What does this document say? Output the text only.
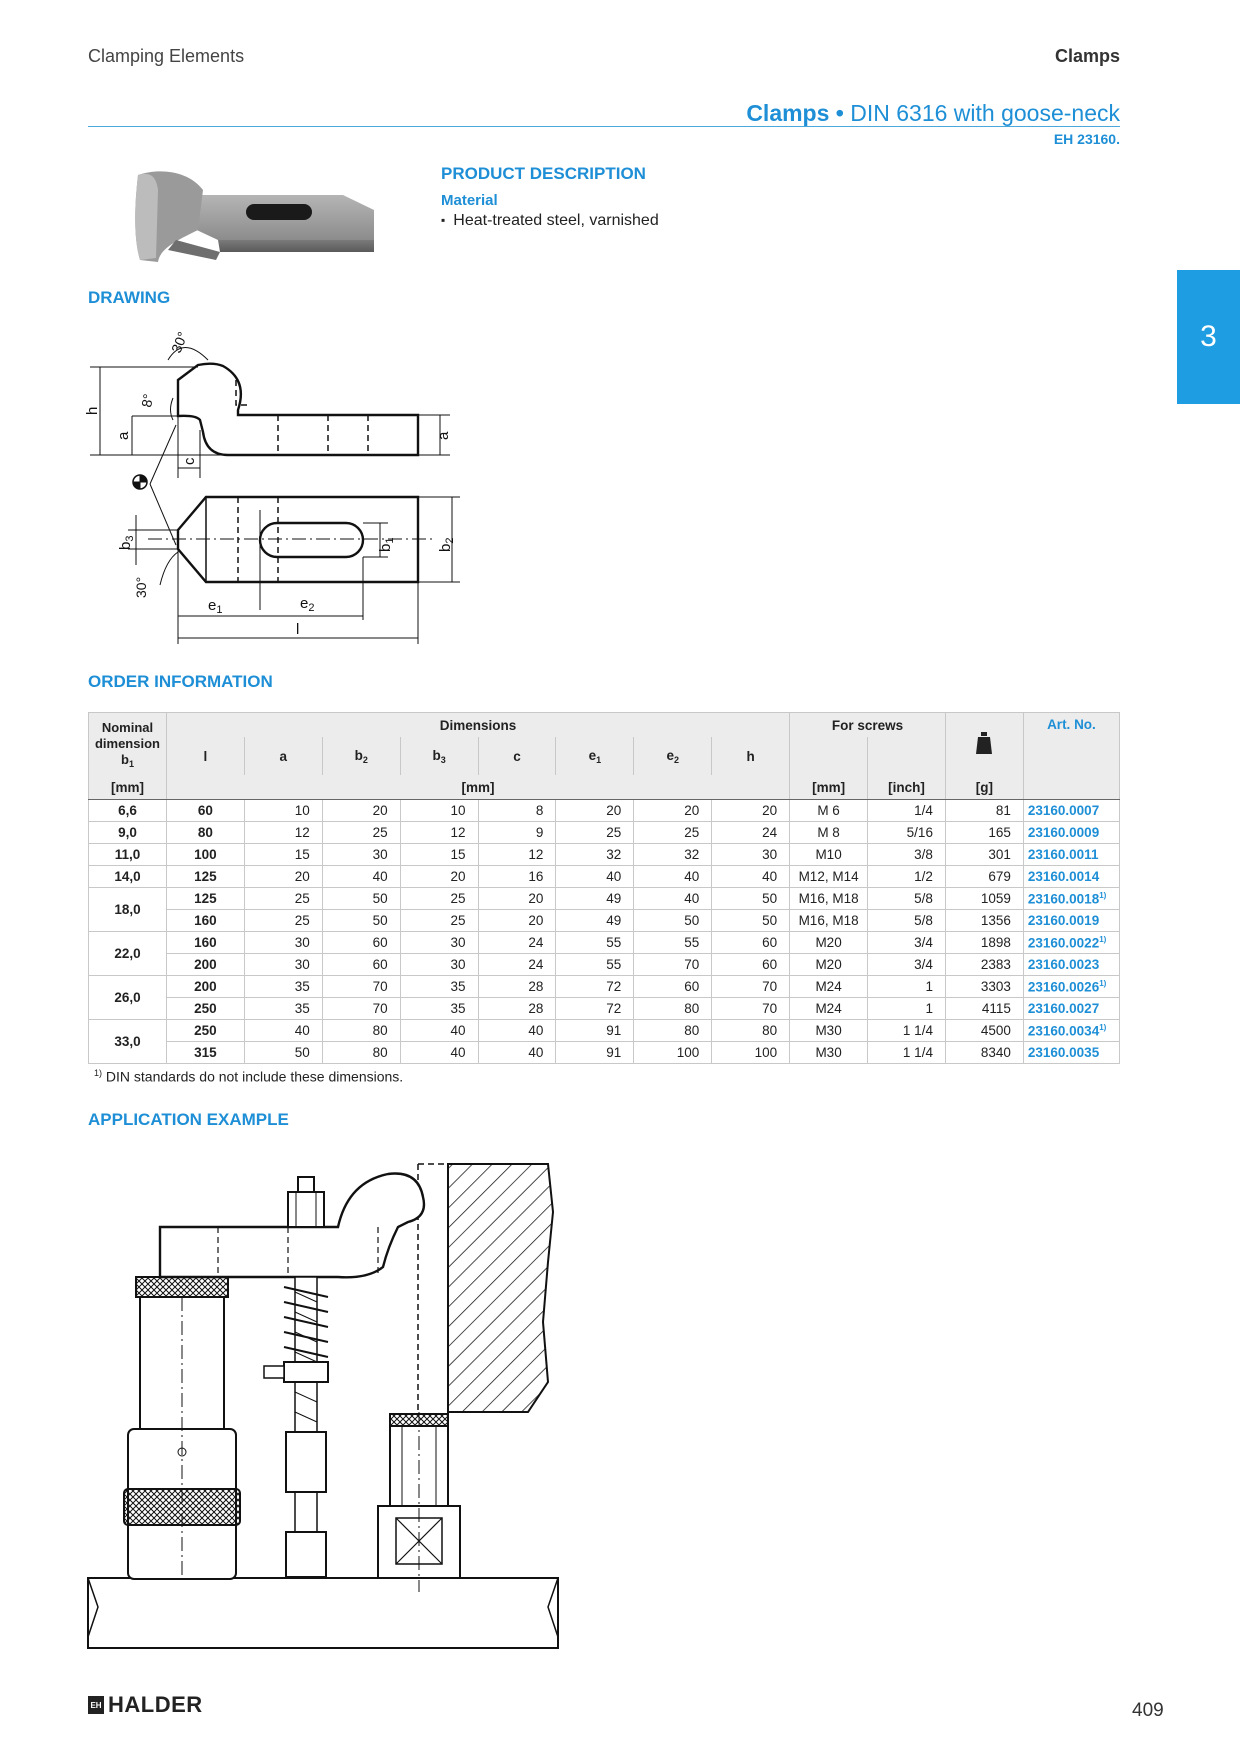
Clamping Elements	Clamps
Clamps • DIN 6316 with goose-neck
EH 23160.
3
PRODUCT DESCRIPTION
Material
▪ Heat-treated steel, varnished
DRAWING
30°
8°
h
a	a
c
$b_3$
$b_1$
$b_2$
30°
$e_1$	$e_2$
l
ORDER INFORMATION
Nominal dimension
$b_1$	Dimensions								For screws			Art. No.
	l	a	$b_2$	$b_3$	c	$e_1$	$e_2$	h				
[mm]	[mm]								[mm]	[inch]	[g]	
6,6	60	10	20	10	8	20	20	20	M 6	1/4	81	23160.0007
9,0	80	12	25	12	9	25	25	24	M 8	5/16	165	23160.0009
11,0	100	15	30	15	12	32	32	30	M10	3/8	301	23160.0011
14,0	125	20	40	20	16	40	40	40	M12, M14	1/2	679	23160.0014
18,0	125	25	50	25	20	49	40	50	M16, M18	5/8	1059	23160.0018$^{1)}$
	160	25	50	25	20	49	50	50	M16, M18	5/8	1356	23160.0019
22,0	160	30	60	30	24	55	55	60	M20	3/4	1898	23160.0022$^{1)}$
	200	30	60	30	24	55	70	60	M20	3/4	2383	23160.0023
26,0	200	35	70	35	28	72	60	70	M24	1	3303	23160.0026$^{1)}$
	250	35	70	35	28	72	80	70	M24	1	4115	23160.0027
33,0	250	40	80	40	40	91	80	80	M30	1 1/4	4500	23160.0034$^{1)}$
	315	50	80	40	40	91	100	100	M30	1 1/4	8340	23160.0035
$^{1)}$ DIN standards do not include these dimensions.
APPLICATION EXAMPLE
EH HALDER	409
